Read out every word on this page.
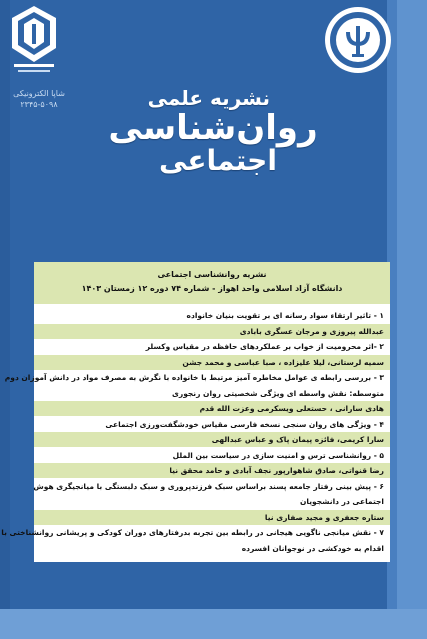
شاپا الکترونیکی
۲۳۴۵-۵۰۹۸	نشریه علمی
روان‌شناسی
اجتماعی
نشریه روانشناسی اجتماعی
دانشگاه آزاد اسلامی واحد اهواز - شماره ۷۴ دوره ۱۲ زمستان ۱۴۰۳
۱ - تاثیر ارتقاء سواد رسانه ای بر تقویت بنیان خانواده
عبدالله پیروزی و مرجان عسگری بابادی
۲ -اثر محرومیت از خواب بر عملکردهای حافظه در مقیاس وکسلر
سمیه لرستانی، لیلا علیزاده ، صبا عباسی و محمد جشن
۳ - بررسی رابطه ی عوامل مخاطره آمیز مرتبط با خانواده با نگرش به مصرف مواد در دانش آموزان دوم
متوسطه: نقش واسطه ای ویژگی شخصیتی روان رنجوری
هادی سارانی ، حستعلی ویسکرمی وعزت الله قدم
۴ - ویژگی های روان سنجی نسخه فارسی مقیاس خودشگفت‌ورزی اجتماعی
سارا کریمی، فائزه پیمان پاک و عباس عبدالهی
۵ - روانشناسی ترس و امنیت سازی در سیاست بین الملل
رضا قنواتی، صادق شاهوارپور نجف آبادی و حامد محقق نیا
۶ - پیش بینی رفتار جامعه پسند براساس سبک فرزندپروری و سبک دلبستگی با میانجیگری هوش
اجتماعی در دانشجویان
ستاره جعفری و مجید صفاری نیا
۷ - نقش میانجی ناگویی هیجانی در رابطه بین تجربه بدرفتارهای دوران کودکی و پریشانی روانشناختی با
اقدام به خودکشی در نوجوانان افسرده
